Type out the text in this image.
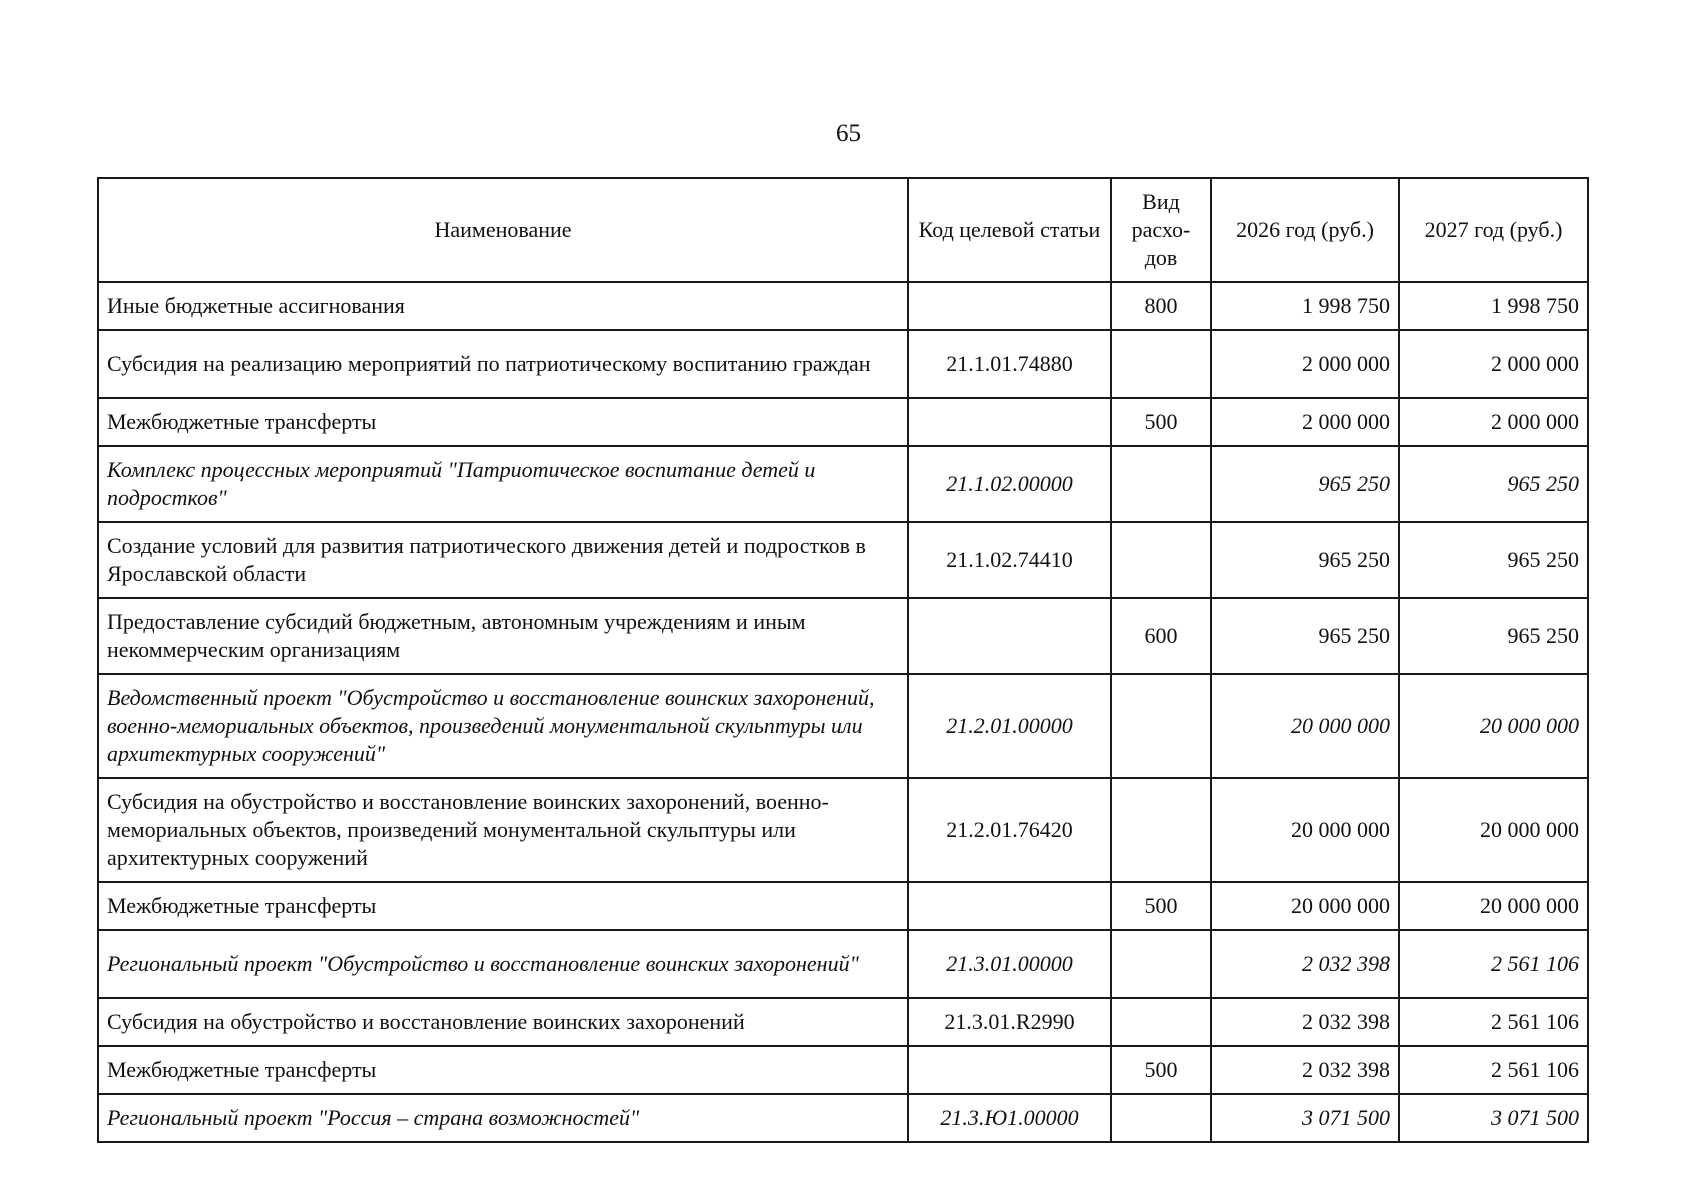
65
Наименование	Код целевой статьи	Вид расхо- дов	2026 год (руб.)	2027 год (руб.)
Иные бюджетные ассигнования		800	1 998 750	1 998 750
Субсидия на реализацию мероприятий по патриотическому воспитанию граждан	21.1.01.74880		2 000 000	2 000 000
Межбюджетные трансферты		500	2 000 000	2 000 000
Комплекс процессных мероприятий "Патриотическое воспитание детей и подростков"	21.1.02.00000		965 250	965 250
Создание условий для развития патриотического движения детей и подростков в Ярославской области	21.1.02.74410		965 250	965 250
Предоставление субсидий бюджетным, автономным учреждениям и иным некоммерческим организациям		600	965 250	965 250
Ведомственный проект "Обустройство и восстановление воинских захоронений, военно-мемориальных объектов, произведений монументальной скульптуры или архитектурных сооружений"	21.2.01.00000		20 000 000	20 000 000
Субсидия на обустройство и восстановление воинских захоронений, военно-мемориальных объектов, произведений монументальной скульптуры или архитектурных сооружений	21.2.01.76420		20 000 000	20 000 000
Межбюджетные трансферты		500	20 000 000	20 000 000
Региональный проект "Обустройство и восстановление воинских захоронений"	21.3.01.00000		2 032 398	2 561 106
Субсидия на обустройство и восстановление воинских захоронений	21.3.01.R2990		2 032 398	2 561 106
Межбюджетные трансферты		500	2 032 398	2 561 106
Региональный проект "Россия – страна возможностей"	21.3.Ю1.00000		3 071 500	3 071 500
